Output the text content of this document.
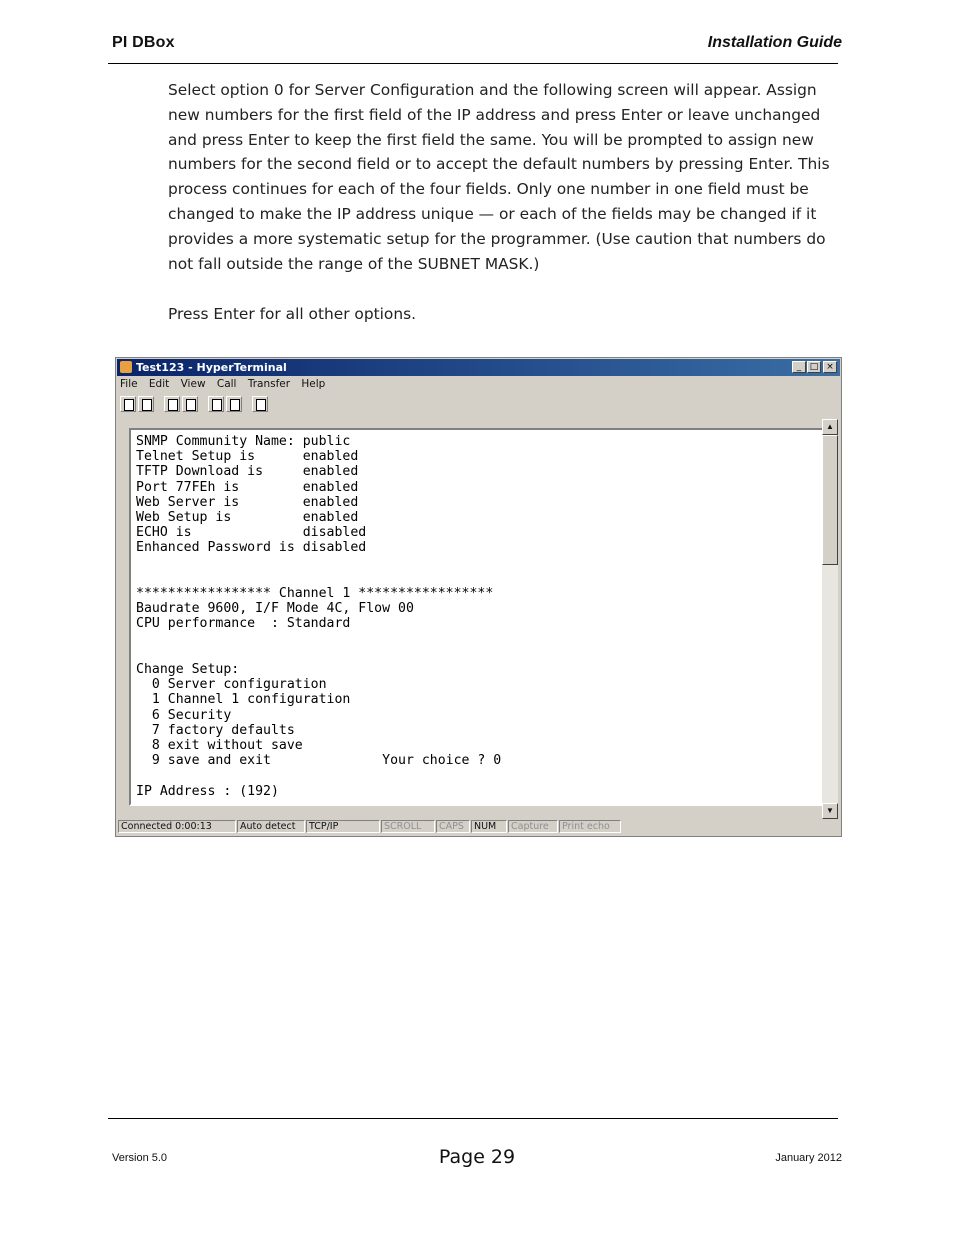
PI DBox	Installation Guide
Select option 0 for Server Configuration and the following screen will appear. Assign new numbers for the first field of the IP address and press Enter or leave unchanged and press Enter to keep the first field the same. You will be prompted to assign new numbers for the second field or to accept the default numbers by pressing Enter. This process continues for each of the four fields. Only one number in one field must be changed to make the IP address unique — or each of the fields may be changed if it provides a more systematic setup for the programmer. (Use caution that numbers do not fall outside the range of the SUBNET MASK.)
Press Enter for all other options.
Test123 - HyperTerminal	_ □ ×
File Edit View Call Transfer Help
SNMP Community Name: public
Telnet Setup is      enabled
TFTP Download is     enabled
Port 77FEh is        enabled
Web Server is        enabled
Web Setup is         enabled
ECHO is              disabled
Enhanced Password is disabled

***************** Channel 1 *****************
Baudrate 9600, I/F Mode 4C, Flow 00
CPU performance  : Standard

Change Setup:
0 Server configuration
1 Channel 1 configuration
6 Security
7 factory defaults
8 exit without save
9 save and exit              Your choice ? 0

IP Address : (192)
▲
▼
Connected 0:00:13	Auto detect	TCP/IP	SCROLL	CAPS	NUM	Capture	Print echo
Version 5.0	Page 29	January 2012
